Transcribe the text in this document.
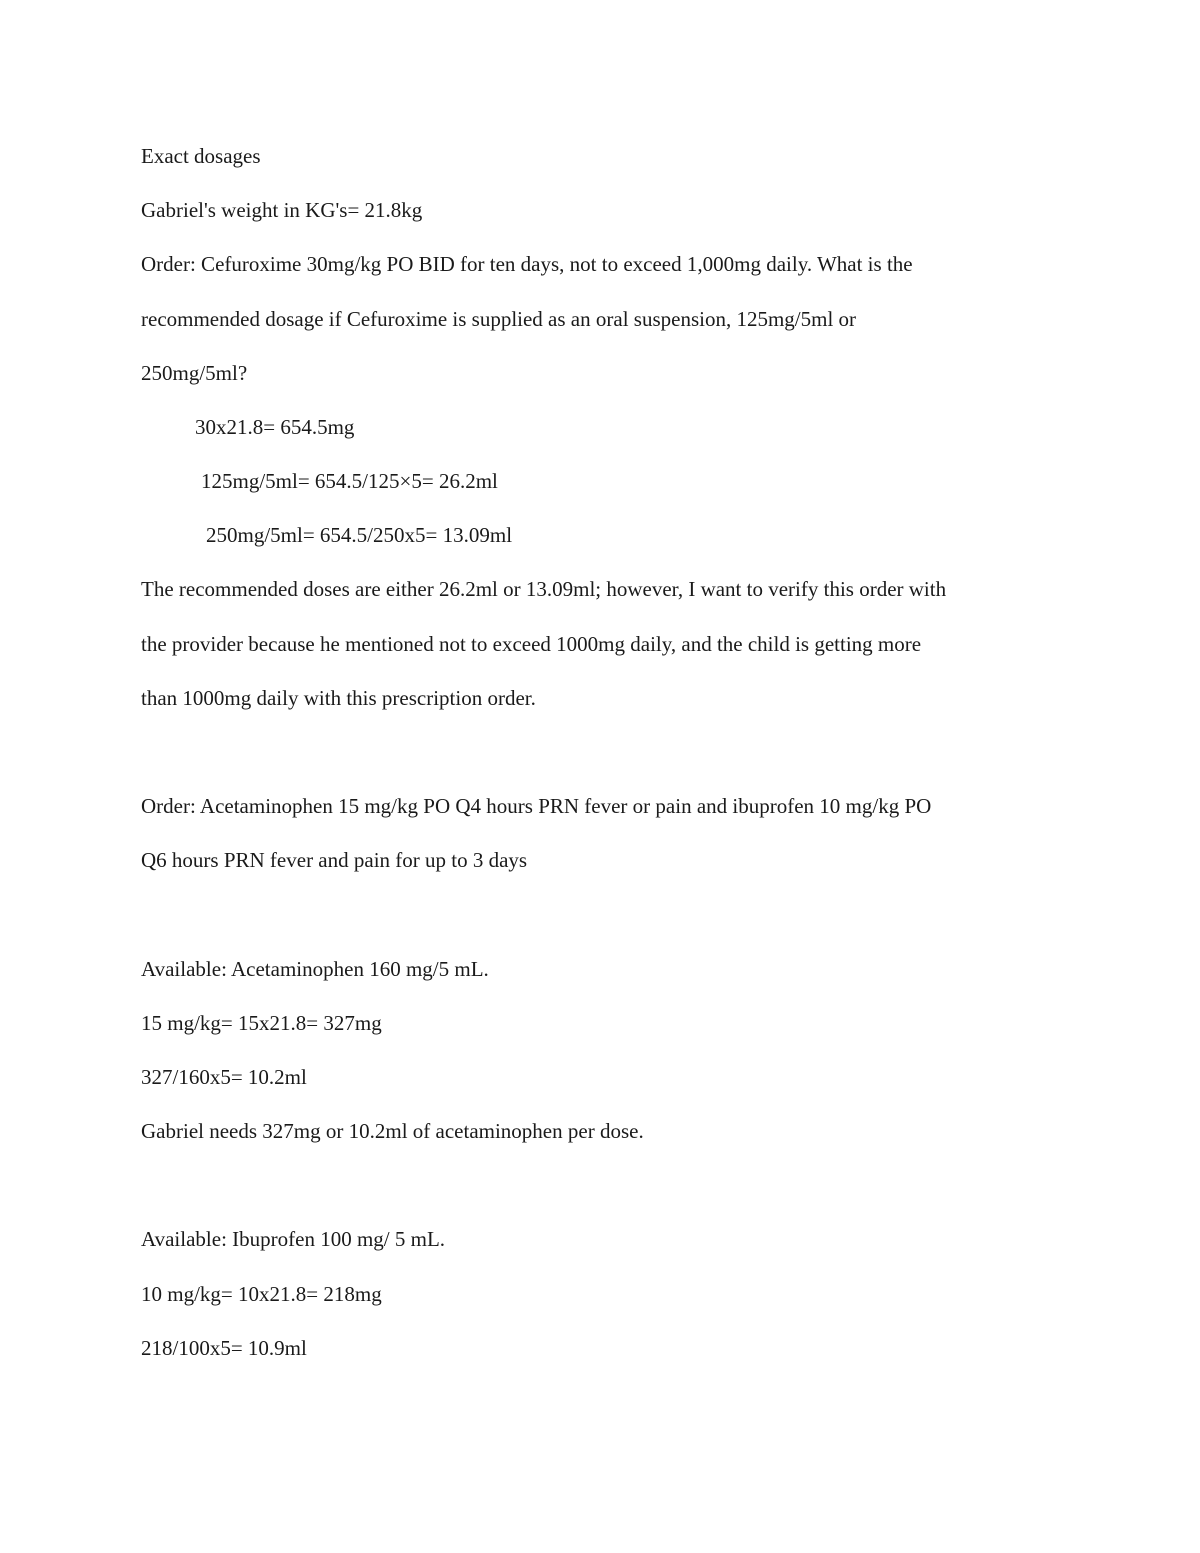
Exact dosages
Gabriel's weight in KG's= 21.8kg
Order: Cefuroxime 30mg/kg PO BID for ten days, not to exceed 1,000mg daily. What is the
recommended dosage if Cefuroxime is supplied as an oral suspension, 125mg/5ml or
250mg/5ml?
30x21.8= 654.5mg
125mg/5ml= 654.5/125×5= 26.2ml
250mg/5ml= 654.5/250x5= 13.09ml
The recommended doses are either 26.2ml or 13.09ml; however, I want to verify this order with
the provider because he mentioned not to exceed 1000mg daily, and the child is getting more
than 1000mg daily with this prescription order.
Order: Acetaminophen 15 mg/kg PO Q4 hours PRN fever or pain and ibuprofen 10 mg/kg PO
Q6 hours PRN fever and pain for up to 3 days
Available: Acetaminophen 160 mg/5 mL.
15 mg/kg= 15x21.8= 327mg
327/160x5= 10.2ml
Gabriel needs 327mg or 10.2ml of acetaminophen per dose.
Available: Ibuprofen 100 mg/ 5 mL.
10 mg/kg= 10x21.8= 218mg
218/100x5= 10.9ml
